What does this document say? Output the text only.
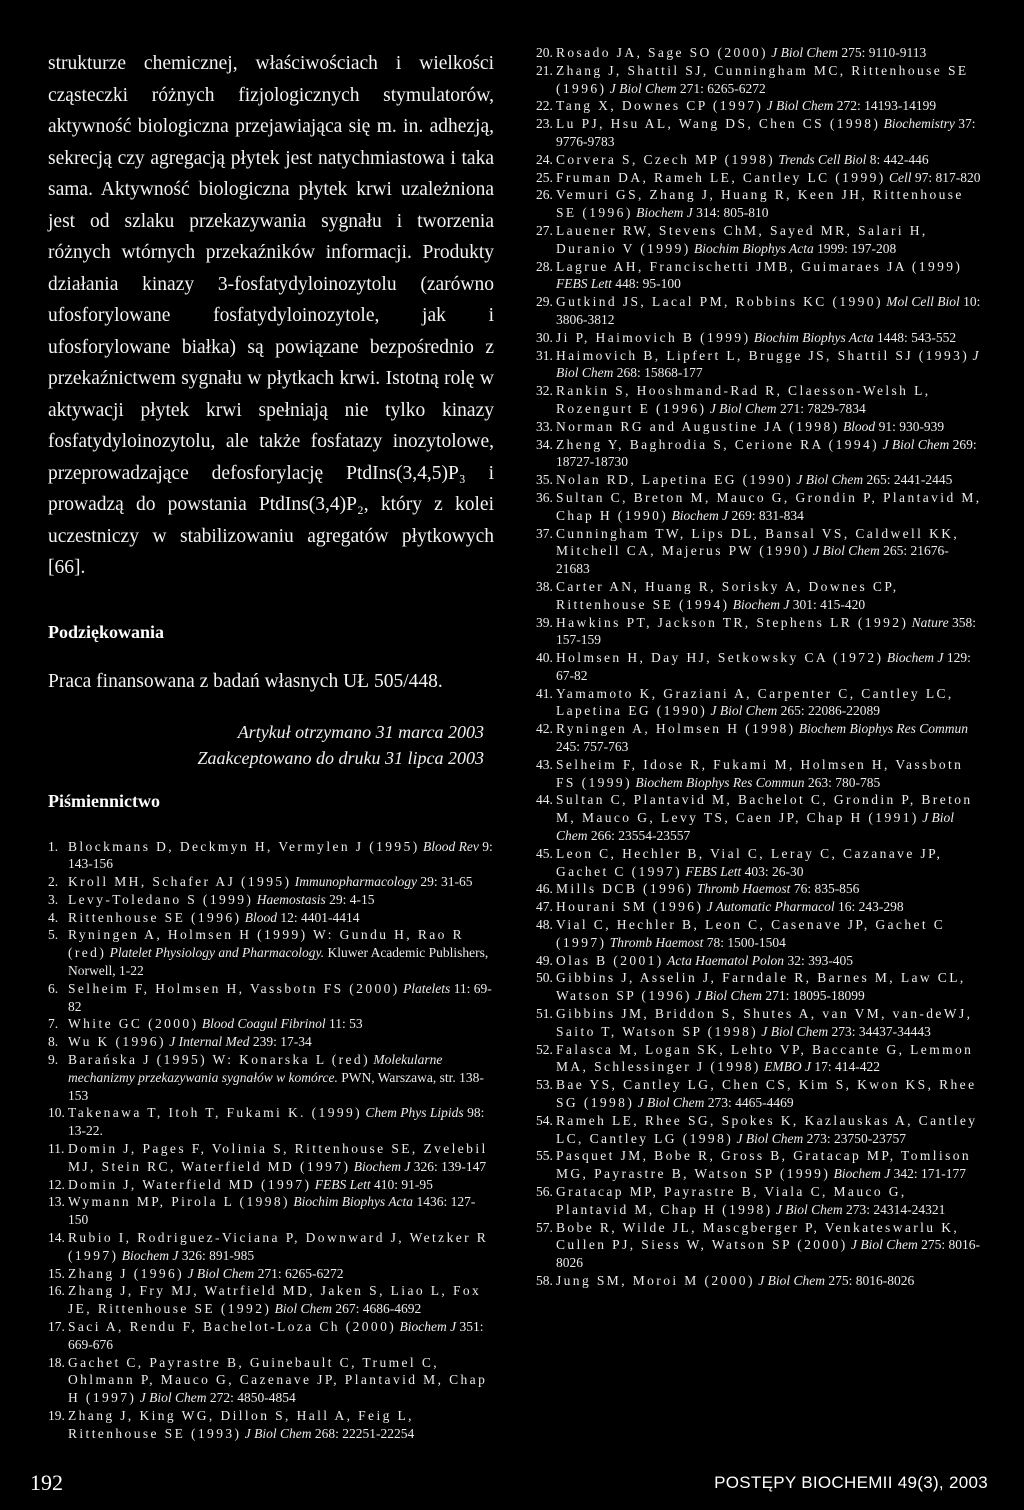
strukturze chemicznej, właściwościach i wielkości cząsteczki różnych fizjologicznych stymulatorów, aktywność biologiczna przejawiająca się m. in. adhezją, sekrecją czy agregacją płytek jest natychmiastowa i taka sama. Aktywność biologiczna płytek krwi uzależniona jest od szlaku przekazywania sygnału i tworzenia różnych wtórnych przekaźników informacji. Produkty działania kinazy 3-fosfatydyloinozytolu (zarówno ufosforylowane fosfatydyloinozytole, jak i ufosforylowane białka) są powiązane bezpośrednio z przekaźnictwem sygnału w płytkach krwi. Istotną rolę w aktywacji płytek krwi spełniają nie tylko kinazy fosfatydyloinozytolu, ale także fosfatazy inozytolowe, przeprowadzające defosforylację PtdIns(3,4,5)P₃ i prowadzą do powstania PtdIns(3,4)P₂, który z kolei uczestniczy w stabilizowaniu agregatów płytkowych [66].

Podziękowania
Praca finansowana z badań własnych UŁ 505/448.
Artykuł otrzymano 31 marca 2003
Zaakceptowano do druku 31 lipca 2003
Piśmiennictwo
1. Blockmans D, Deckmyn H, Vermylen J (1995) Blood Rev 9: 143-156
2. Kroll MH, Schafer AJ (1995) Immunopharmacology 29: 31-65
3. Levy-Toledano S (1999) Haemostasis 29: 4-15
4. Rittenhouse SE (1996) Blood 12: 4401-4414
5. Ryningen A, Holmsen H (1999) W: Gundu H, Rao R (red) Platelet Physiology and Pharmacology. Kluwer Academic Publishers, Norwell, 1-22
6. Selheim F, Holmsen H, Vassbotn FS (2000) Platelets 11: 69-82
7. White GC (2000) Blood Coagul Fibrinol 11: 53
8. Wu K (1996) J Internal Med 239: 17-34
9. Barańska J (1995) W: Konarska L (red) Molekularne mechanizmy przekazywania sygnałów w komórce. PWN, Warszawa, str. 138-153
10. Takenawa T, Itoh T, Fukami K. (1999) Chem Phys Lipids 98: 13-22.
11. Domin J, Pages F, Volinia S, Rittenhouse SE, Zvelebil MJ, Stein RC, Waterfield MD (1997) Biochem J 326: 139-147
12. Domin J, Waterfield MD (1997) FEBS Lett 410: 91-95
13. Wymann MP, Pirola L (1998) Biochim Biophys Acta 1436: 127-150
14. Rubio I, Rodriguez-Viciana P, Downward J, Wetzker R (1997) Biochem J 326: 891-985
15. Zhang J (1996) J Biol Chem 271: 6265-6272
16. Zhang J, Fry MJ, Watrfield MD, Jaken S, Liao L, Fox JE, Rittenhouse SE (1992) Biol Chem 267: 4686-4692
17. Saci A, Rendu F, Bachelot-Loza Ch (2000) Biochem J 351: 669-676
18. Gachet C, Payrastre B, Guinebault C, Trumel C, Ohlmann P, Mauco G, Cazenave JP, Plantavid M, Chap H (1997) J Biol Chem 272: 4850-4854
19. Zhang J, King WG, Dillon S, Hall A, Feig L, Rittenhouse SE (1993) J Biol Chem 268: 22251-22254
20. Rosado JA, Sage SO (2000) J Biol Chem 275: 9110-9113
21. Zhang J, Shattil SJ, Cunningham MC, Rittenhouse SE (1996) J Biol Chem 271: 6265-6272
22. Tang X, Downes CP (1997) J Biol Chem 272: 14193-14199
23. Lu PJ, Hsu AL, Wang DS, Chen CS (1998) Biochemistry 37: 9776-9783
24. Corvera S, Czech MP (1998) Trends Cell Biol 8: 442-446
25. Fruman DA, Rameh LE, Cantley LC (1999) Cell 97: 817-820
26. Vemuri GS, Zhang J, Huang R, Keen JH, Rittenhouse SE (1996) Biochem J 314: 805-810
27. Lauener RW, Stevens ChM, Sayed MR, Salari H, Duranio V (1999) Biochim Biophys Acta 1999: 197-208
28. Lagrue AH, Francischetti JMB, Guimaraes JA (1999) FEBS Lett 448: 95-100
29. Gutkind JS, Lacal PM, Robbins KC (1990) Mol Cell Biol 10: 3806-3812
30. Ji P, Haimovich B (1999) Biochim Biophys Acta 1448: 543-552
31. Haimovich B, Lipfert L, Brugge JS, Shattil SJ (1993) J Biol Chem 268: 15868-177
32. Rankin S, Hooshmand-Rad R, Claesson-Welsh L, Rozengurt E (1996) J Biol Chem 271: 7829-7834
33. Norman RG and Augustine JA (1998) Blood 91: 930-939
34. Zheng Y, Baghrodia S, Cerione RA (1994) J Biol Chem 269: 18727-18730
35. Nolan RD, Lapetina EG (1990) J Biol Chem 265: 2441-2445
36. Sultan C, Breton M, Mauco G, Grondin P, Plantavid M, Chap H (1990) Biochem J 269: 831-834
37. Cunningham TW, Lips DL, Bansal VS, Caldwell KK, Mitchell CA, Majerus PW (1990) J Biol Chem 265: 21676-21683
38. Carter AN, Huang R, Sorisky A, Downes CP, Rittenhouse SE (1994) Biochem J 301: 415-420
39. Hawkins PT, Jackson TR, Stephens LR (1992) Nature 358: 157-159
40. Holmsen H, Day HJ, Setkowsky CA (1972) Biochem J 129: 67-82
41. Yamamoto K, Graziani A, Carpenter C, Cantley LC, Lapetina EG (1990) J Biol Chem 265: 22086-22089
42. Ryningen A, Holmsen H (1998) Biochem Biophys Res Commun 245: 757-763
43. Selheim F, Idose R, Fukami M, Holmsen H, Vassbotn FS (1999) Biochem Biophys Res Commun 263: 780-785
44. Sultan C, Plantavid M, Bachelot C, Grondin P, Breton M, Mauco G, Levy TS, Caen JP, Chap H (1991) J Biol Chem 266: 23554-23557
45. Leon C, Hechler B, Vial C, Leray C, Cazanave JP, Gachet C (1997) FEBS Lett 403: 26-30
46. Mills DCB (1996) Thromb Haemost 76: 835-856
47. Hourani SM (1996) J Automatic Pharmacol 16: 243-298
48. Vial C, Hechler B, Leon C, Casenave JP, Gachet C (1997) Thromb Haemost 78: 1500-1504
49. Olas B (2001) Acta Haematol Polon 32: 393-405
50. Gibbins J, Asselin J, Farndale R, Barnes M, Law CL, Watson SP (1996) J Biol Chem 271: 18095-18099
51. Gibbins JM, Briddon S, Shutes A, van VM, van-deWJ, Saito T, Watson SP (1998) J Biol Chem 273: 34437-34443
52. Falasca M, Logan SK, Lehto VP, Baccante G, Lemmon MA, Schlessinger J (1998) EMBO J 17: 414-422
53. Bae YS, Cantley LG, Chen CS, Kim S, Kwon KS, Rhee SG (1998) J Biol Chem 273: 4465-4469
54. Rameh LE, Rhee SG, Spokes K, Kazlauskas A, Cantley LC, Cantley LG (1998) J Biol Chem 273: 23750-23757
55. Pasquet JM, Bobe R, Gross B, Gratacap MP, Tomlison MG, Payrastre B, Watson SP (1999) Biochem J 342: 171-177
56. Gratacap MP, Payrastre B, Viala C, Mauco G, Plantavid M, Chap H (1998) J Biol Chem 273: 24314-24321
57. Bobe R, Wilde JL, Mascgberger P, Venkateswarlu K, Cullen PJ, Siess W, Watson SP (2000) J Biol Chem 275: 8016-8026
58. Jung SM, Moroi M (2000) J Biol Chem 275: 8016-8026
192	POSTĘPY BIOCHEMII 49(3), 2003
